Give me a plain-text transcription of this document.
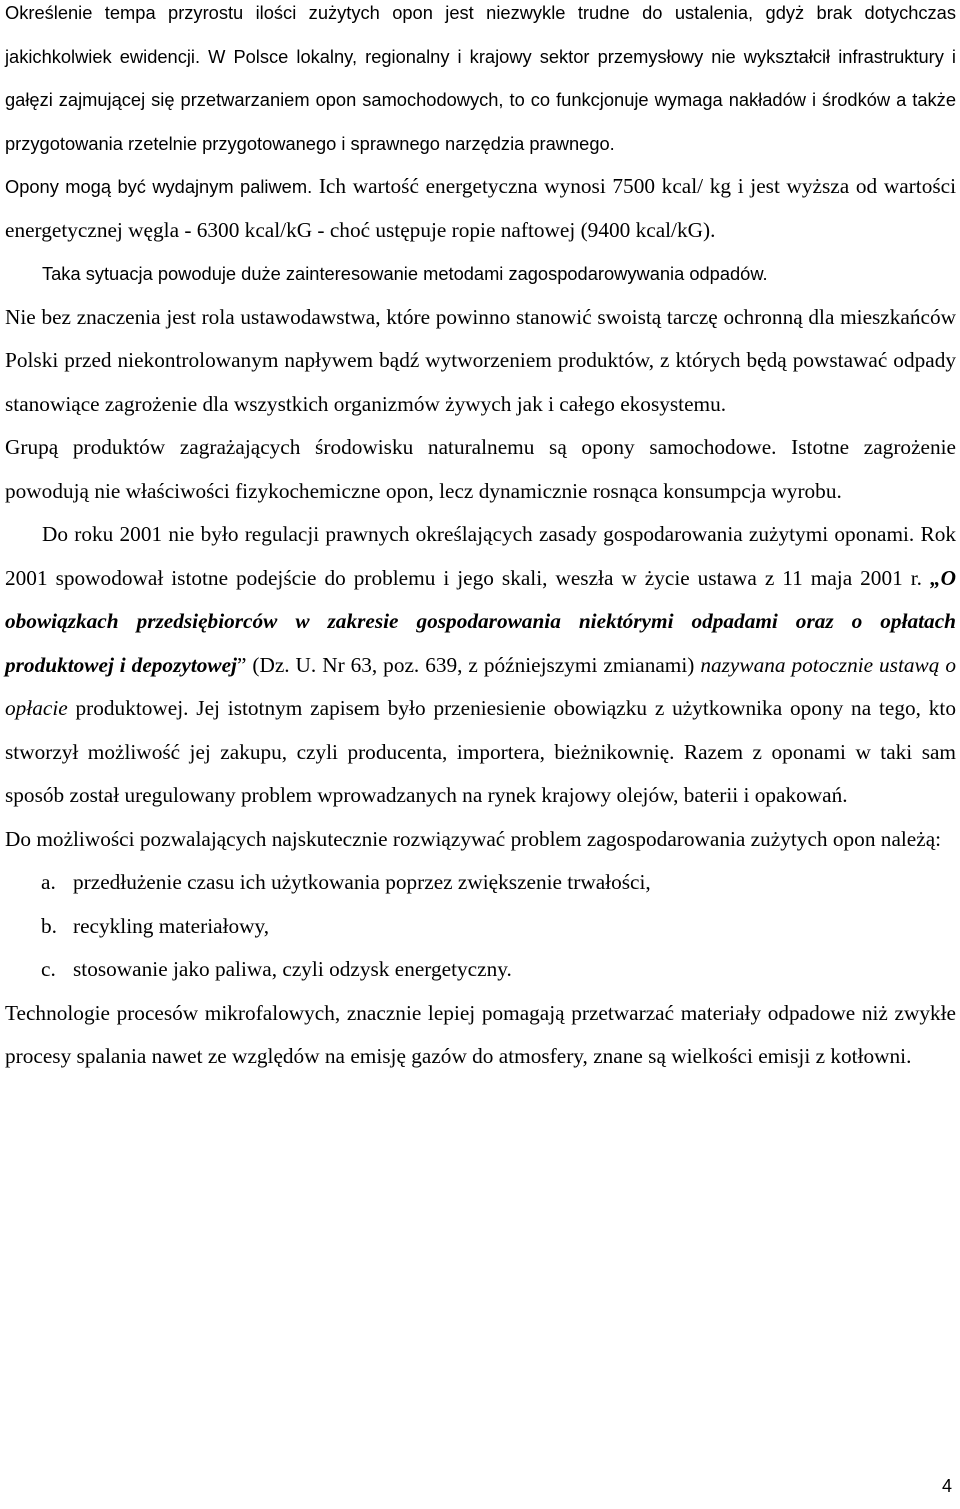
Określenie tempa przyrostu ilości zużytych opon jest niezwykle trudne do ustalenia, gdyż brak dotychczas jakichkolwiek ewidencji. W Polsce lokalny, regionalny i krajowy sektor przemysłowy nie wykształcił infrastruktury i gałęzi zajmującej się przetwarzaniem opon samochodowych, to co funkcjonuje wymaga nakładów i środków a także przygotowania rzetelnie przygotowanego i sprawnego narzędzia prawnego.

Opony mogą być wydajnym paliwem. Ich wartość energetyczna wynosi 7500 kcal/ kg i jest wyższa od wartości energetycznej węgla - 6300 kcal/kG - choć ustępuje ropie naftowej (9400 kcal/kG).

Taka sytuacja powoduje duże zainteresowanie metodami zagospodarowywania odpadów.

Nie bez znaczenia jest rola ustawodawstwa, które powinno stanowić swoistą tarczę ochronną dla mieszkańców Polski przed niekontrolowanym napływem bądź wytworzeniem produktów, z których będą powstawać odpady stanowiące zagrożenie dla wszystkich organizmów żywych jak i całego ekosystemu.

Grupą produktów zagrażających środowisku naturalnemu są opony samochodowe. Istotne zagrożenie powodują nie właściwości fizykochemiczne opon, lecz dynamicznie rosnąca konsumpcja wyrobu.

Do roku 2001 nie było regulacji prawnych określających zasady gospodarowania zużytymi oponami. Rok 2001 spowodował istotne podejście do problemu i jego skali, weszła w życie ustawa z 11 maja 2001 r. „O obowiązkach przedsiębiorców w zakresie gospodarowania niektórymi odpadami oraz o opłatach produktowej i depozytowej” (Dz. U. Nr 63, poz. 639, z późniejszymi zmianami) nazywana potocznie ustawą o opłacie produktowej. Jej istotnym zapisem było przeniesienie obowiązku z użytkownika opony na tego, kto stworzył możliwość jej zakupu, czyli producenta, importera, bieżnikownię. Razem z oponami w taki sam sposób został uregulowany problem wprowadzanych na rynek krajowy olejów, baterii i opakowań.

Do możliwości pozwalających najskutecznie rozwiązywać problem zagospodarowania zużytych opon należą:

a. przedłużenie czasu ich użytkowania poprzez zwiększenie trwałości,
b. recykling materiałowy,
c. stosowanie jako paliwa, czyli odzysk energetyczny.

Technologie procesów mikrofalowych, znacznie lepiej pomagają przetwarzać materiały odpadowe niż zwykłe procesy spalania nawet ze względów na emisję gazów do atmosfery, znane są wielkości emisji z kotłowni.

4
